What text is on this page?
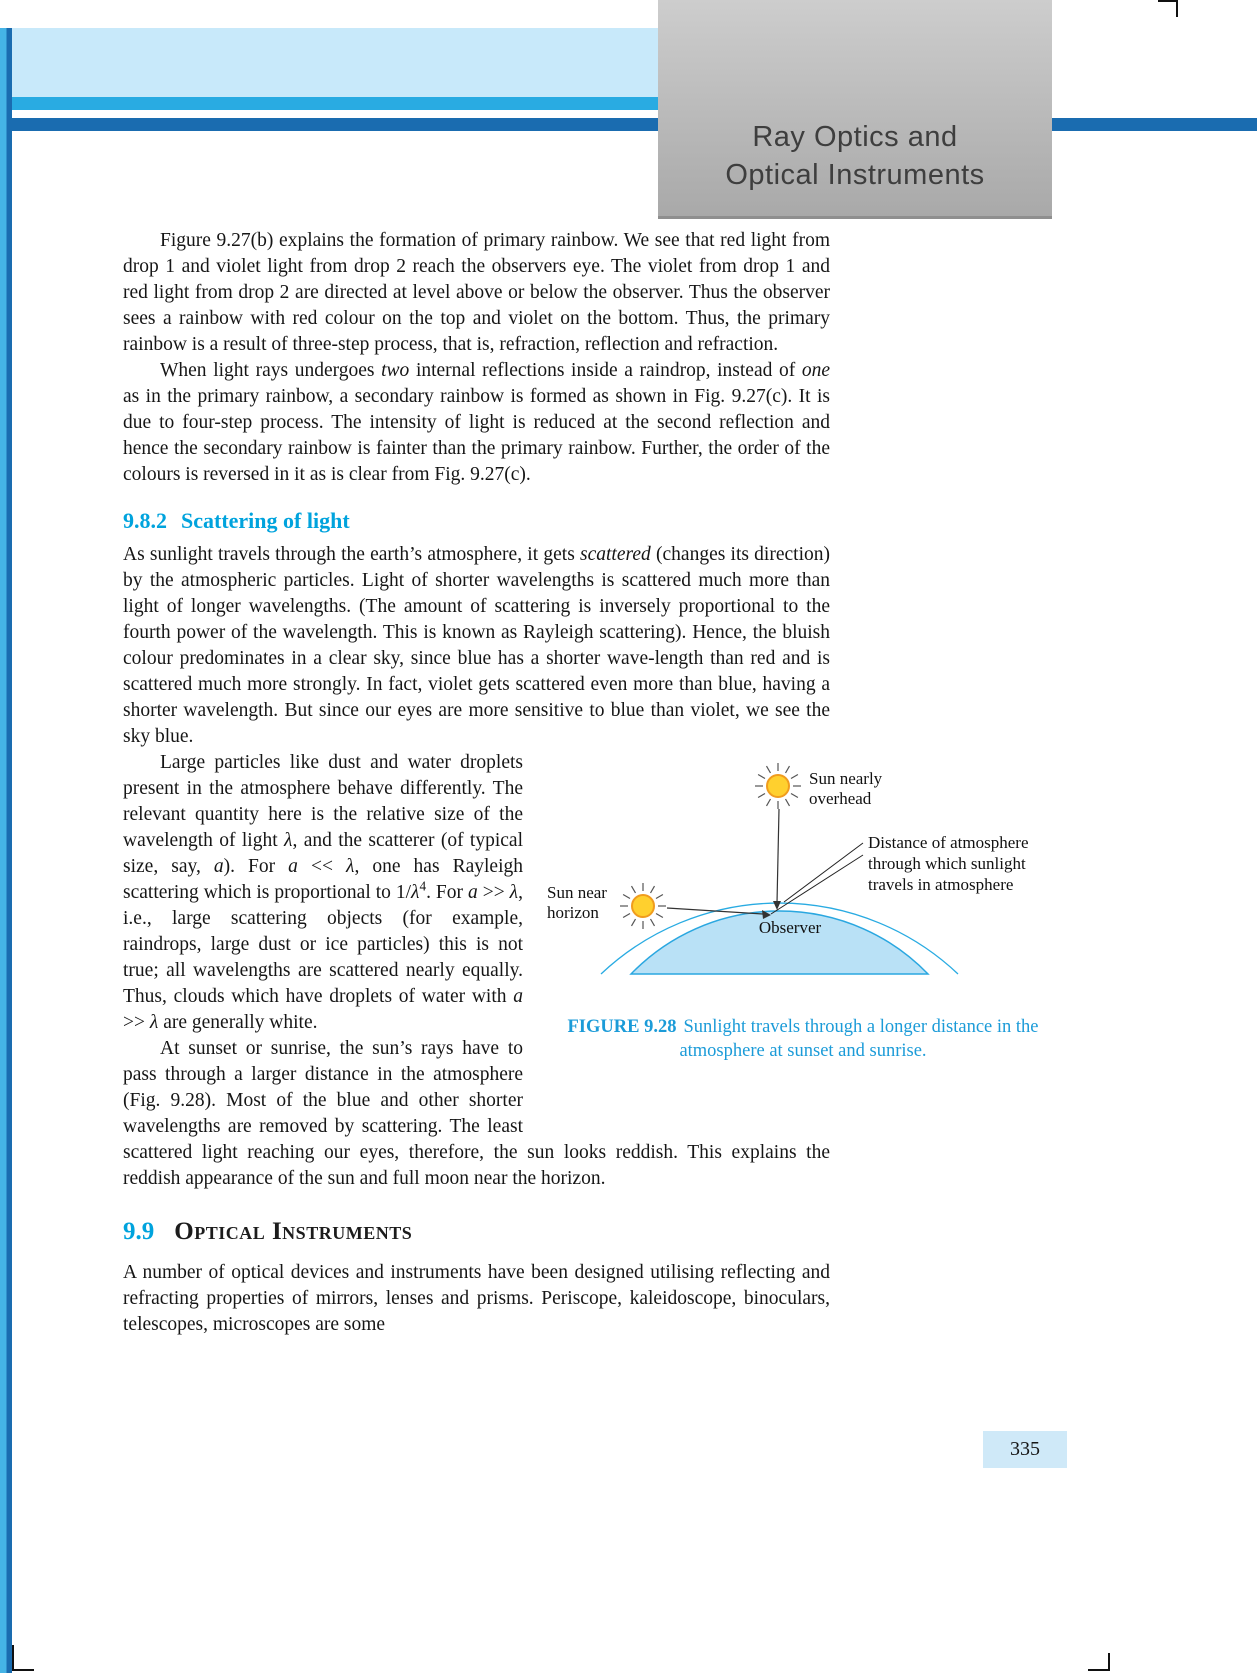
Ray Optics and
Optical Instruments

Figure 9.27(b) explains the formation of primary rainbow. We see that red light from drop 1 and violet light from drop 2 reach the observers eye. The violet from drop 1 and red light from drop 2 are directed at level above or below the observer. Thus the observer sees a rainbow with red colour on the top and violet on the bottom. Thus, the primary rainbow is a result of three-step process, that is, refraction, reflection and refraction.

When light rays undergoes two internal reflections inside a raindrop, instead of one as in the primary rainbow, a secondary rainbow is formed as shown in Fig. 9.27(c). It is due to four-step process. The intensity of light is reduced at the second reflection and hence the secondary rainbow is fainter than the primary rainbow. Further, the order of the colours is reversed in it as is clear from Fig. 9.27(c).

9.8.2 Scattering of light

As sunlight travels through the earth’s atmosphere, it gets scattered (changes its direction) by the atmospheric particles. Light of shorter wavelengths is scattered much more than light of longer wavelengths. (The amount of scattering is inversely proportional to the fourth power of the wavelength. This is known as Rayleigh scattering). Hence, the bluish colour predominates in a clear sky, since blue has a shorter wave-length than red and is scattered much more strongly. In fact, violet gets scattered even more than blue, having a shorter wavelength. But since our eyes are more sensitive to blue than violet, we see the sky blue.

Sun nearly
overhead
Distance of atmosphere
through which sunlight
travels in atmosphere
Sun near
horizon
Observer
FIGURE 9.28 Sunlight travels through a longer distance in the atmosphere at sunset and sunrise.

Large particles like dust and water droplets present in the atmosphere behave differently. The relevant quantity here is the relative size of the wavelength of light λ, and the scatterer (of typical size, say, a). For a << λ, one has Rayleigh scattering which is proportional to $1/\lambda^4$. For a >> λ, i.e., large scattering objects (for example, raindrops, large dust or ice particles) this is not true; all wavelengths are scattered nearly equally. Thus, clouds which have droplets of water with a >> λ are generally white.

At sunset or sunrise, the sun’s rays have to pass through a larger distance in the atmosphere (Fig. 9.28). Most of the blue and other shorter wavelengths are removed by scattering. The least scattered light reaching our eyes, therefore, the sun looks reddish. This explains the reddish appearance of the sun and full moon near the horizon.

9.9 Optical Instruments

A number of optical devices and instruments have been designed utilising reflecting and refracting properties of mirrors, lenses and prisms. Periscope, kaleidoscope, binoculars, telescopes, microscopes are some

335
